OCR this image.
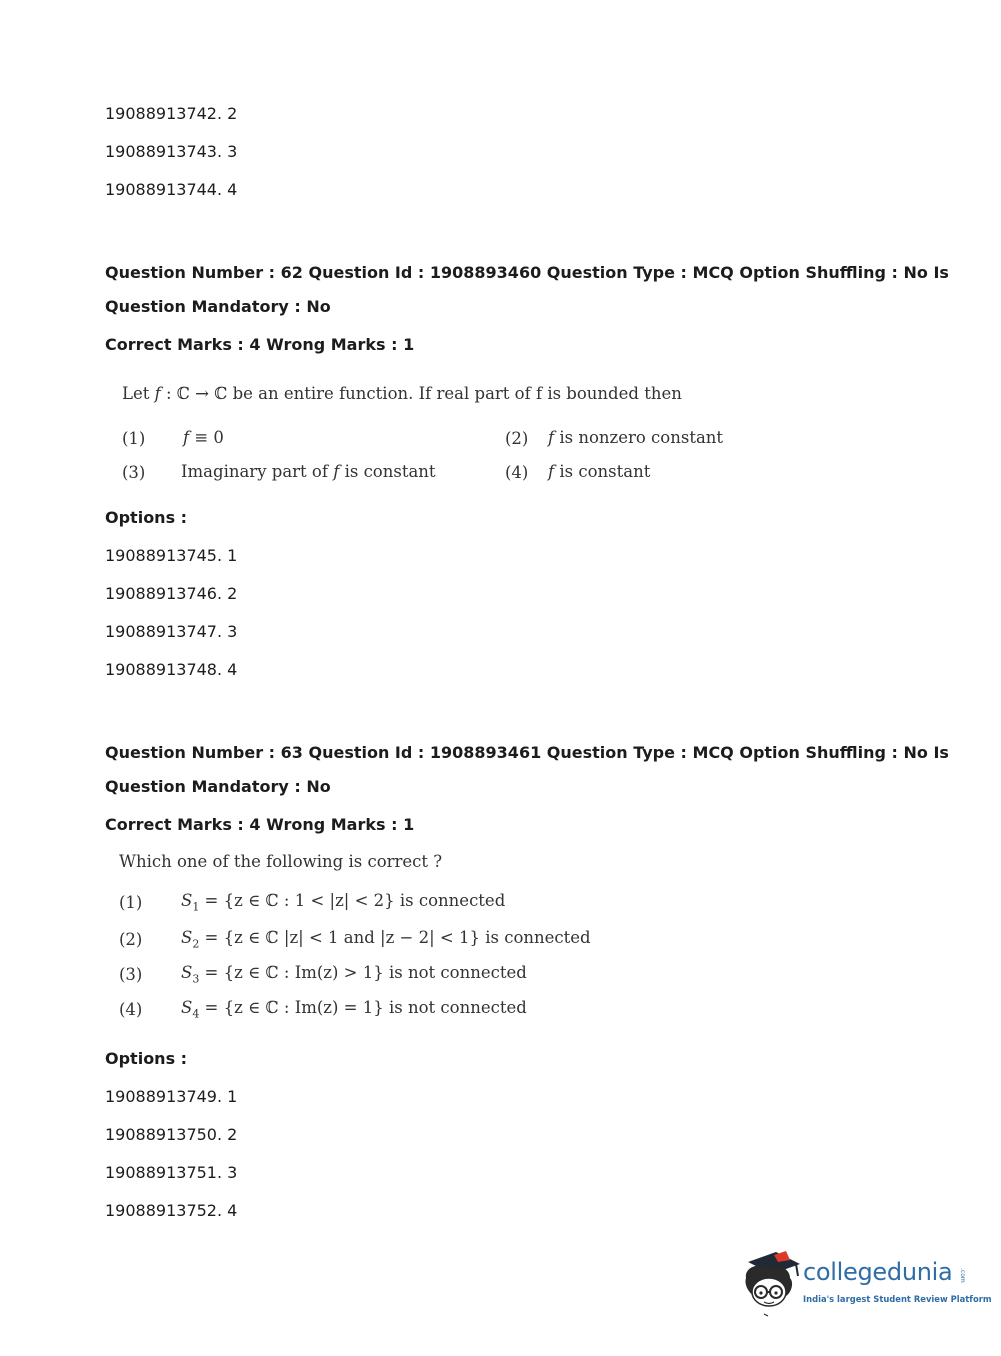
19088913742. 2
19088913743. 3
19088913744. 4
Question Number : 62 Question Id : 1908893460 Question Type : MCQ Option Shuffling : No Is
Question Mandatory : No
Correct Marks : 4 Wrong Marks : 1
Let f : ℂ → ℂ be an entire function. If real part of f is bounded then
(1) f ≡ 0	(2) f is nonzero constant
(3) Imaginary part of f is constant	(4) f is constant
Options :
19088913745. 1
19088913746. 2
19088913747. 3
19088913748. 4
Question Number : 63 Question Id : 1908893461 Question Type : MCQ Option Shuffling : No Is
Question Mandatory : No
Correct Marks : 4 Wrong Marks : 1
Which one of the following is correct ?
(1) $S_1 = \{z$ ∈ ℂ : 1 < |z| < 2} is connected
(2) $S_2 = \{z$ ∈ ℂ |z| < 1 and |z − 2| < 1} is connected
(3) $S_3 = \{z$ ∈ ℂ : Im(z) > 1} is not connected
(4) $S_4 = \{z$ ∈ ℂ : Im(z) = 1} is not connected
Options :
19088913749. 1
19088913750. 2
19088913751. 3
19088913752. 4
collegedunia .com
India's largest Student Review Platform
